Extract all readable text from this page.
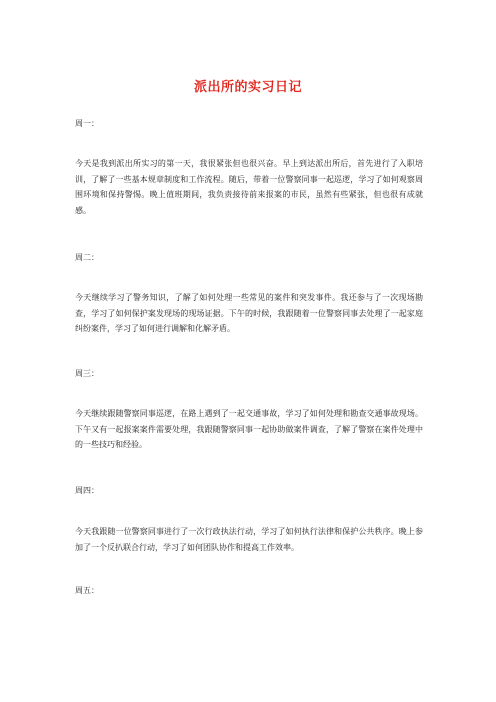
派出所的实习日记

周一：

今天是我到派出所实习的第一天，我很紧张但也很兴奋。早上到达派出所后，首先进行了入职培训，了解了一些基本规章制度和工作流程。随后，带着一位警察同事一起巡逻，学习了如何观察周围环境和保持警惕。晚上值班期间，我负责接待前来报案的市民，虽然有些紧张，但也很有成就感。

周二：

今天继续学习了警务知识，了解了如何处理一些常见的案件和突发事件。我还参与了一次现场勘查，学习了如何保护案发现场的现场证据。下午的时候，我跟随着一位警察同事去处理了一起家庭纠纷案件，学习了如何进行调解和化解矛盾。

周三：

今天继续跟随警察同事巡逻，在路上遇到了一起交通事故，学习了如何处理和勘查交通事故现场。下午又有一起报案案件需要处理，我跟随警察同事一起协助做案件调查，了解了警察在案件处理中的一些技巧和经验。

周四：

今天我跟随一位警察同事进行了一次行政执法行动，学习了如何执行法律和保护公共秩序。晚上参加了一个反扒联合行动，学习了如何团队协作和提高工作效率。

周五：
